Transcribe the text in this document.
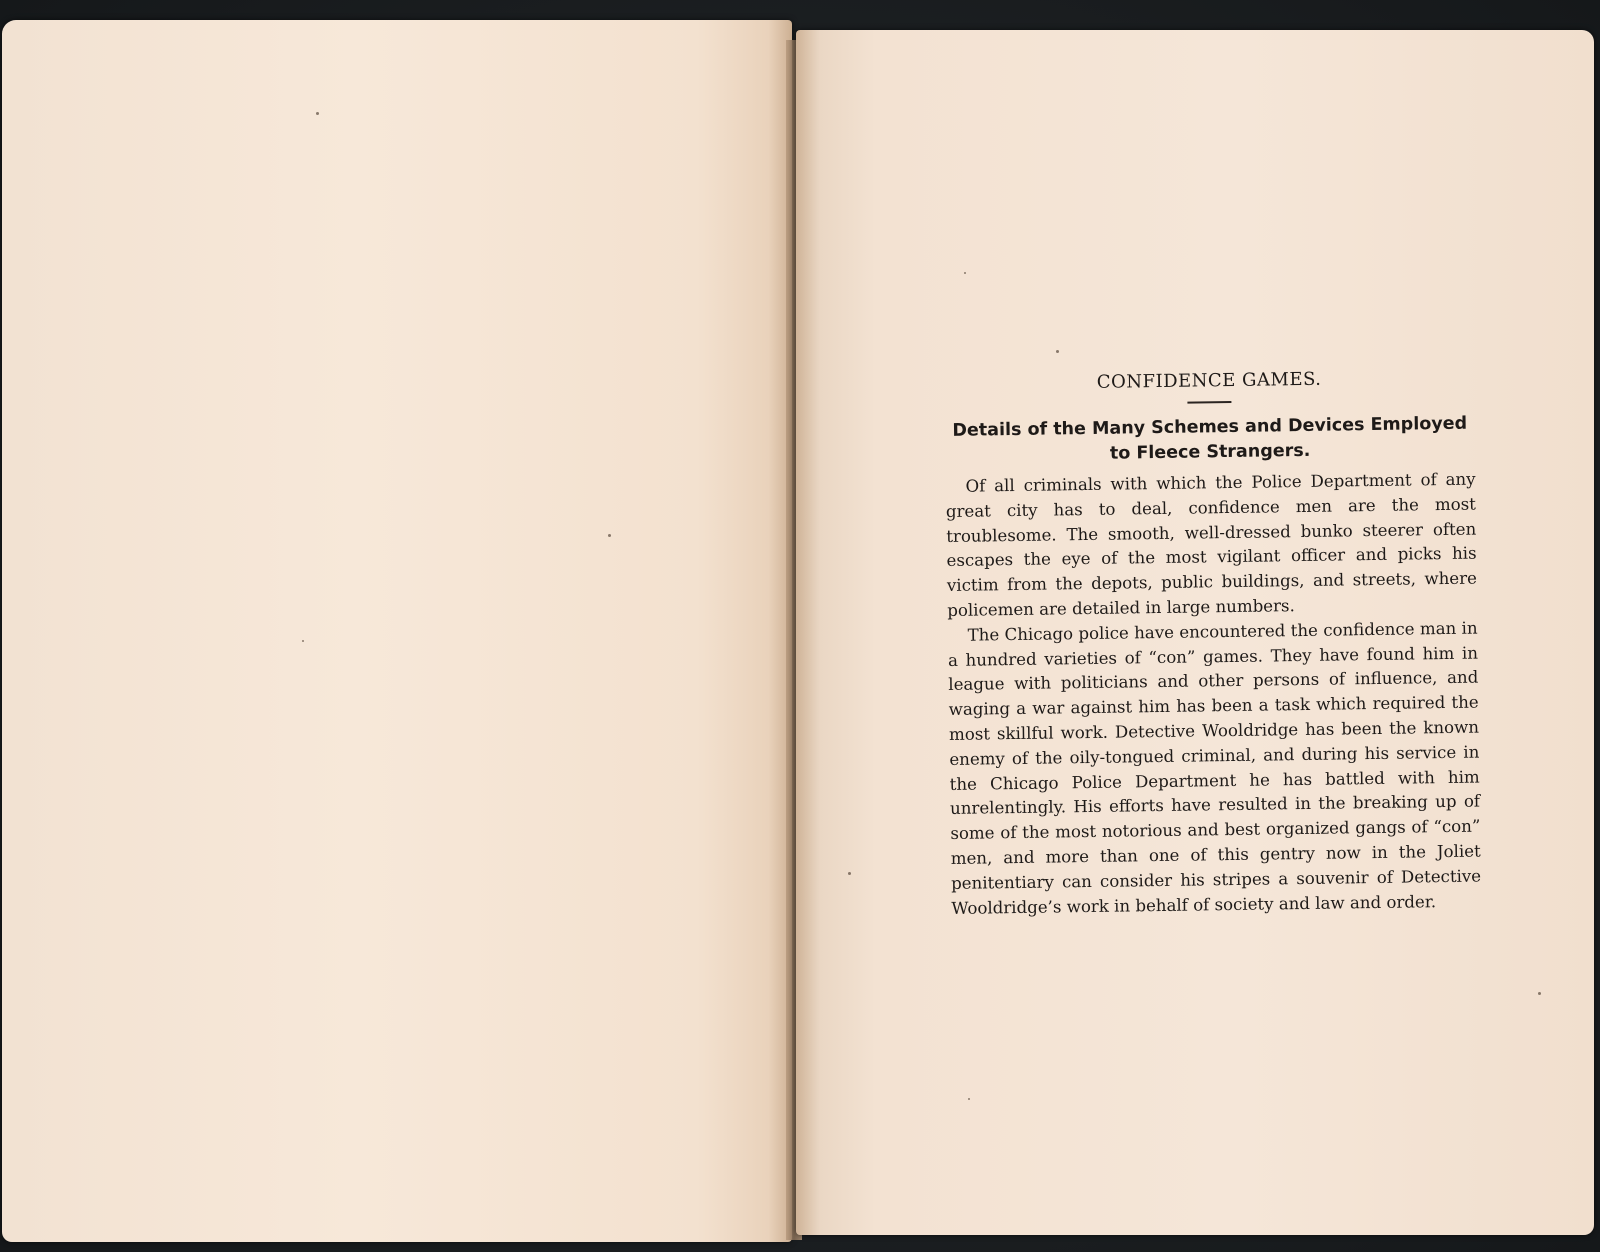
CONFIDENCE GAMES.
Details of the Many Schemes and Devices Employed to Fleece Strangers.

Of all criminals with which the Police Department of any great city has to deal, confidence men are the most troublesome. The smooth, well-dressed bunko steerer often escapes the eye of the most vigilant officer and picks his victim from the depots, public buildings, and streets, where policemen are detailed in large numbers.

The Chicago police have encountered the confidence man in a hundred varieties of “con” games. They have found him in league with politicians and other persons of influence, and waging a war against him has been a task which required the most skillful work. Detective Wooldridge has been the known enemy of the oily-tongued criminal, and during his service in the Chicago Police Department he has battled with him unrelentingly. His efforts have resulted in the breaking up of some of the most notorious and best organized gangs of “con” men, and more than one of this gentry now in the Joliet penitentiary can consider his stripes a souvenir of Detective Wooldridge’s work in behalf of society and law and order.
